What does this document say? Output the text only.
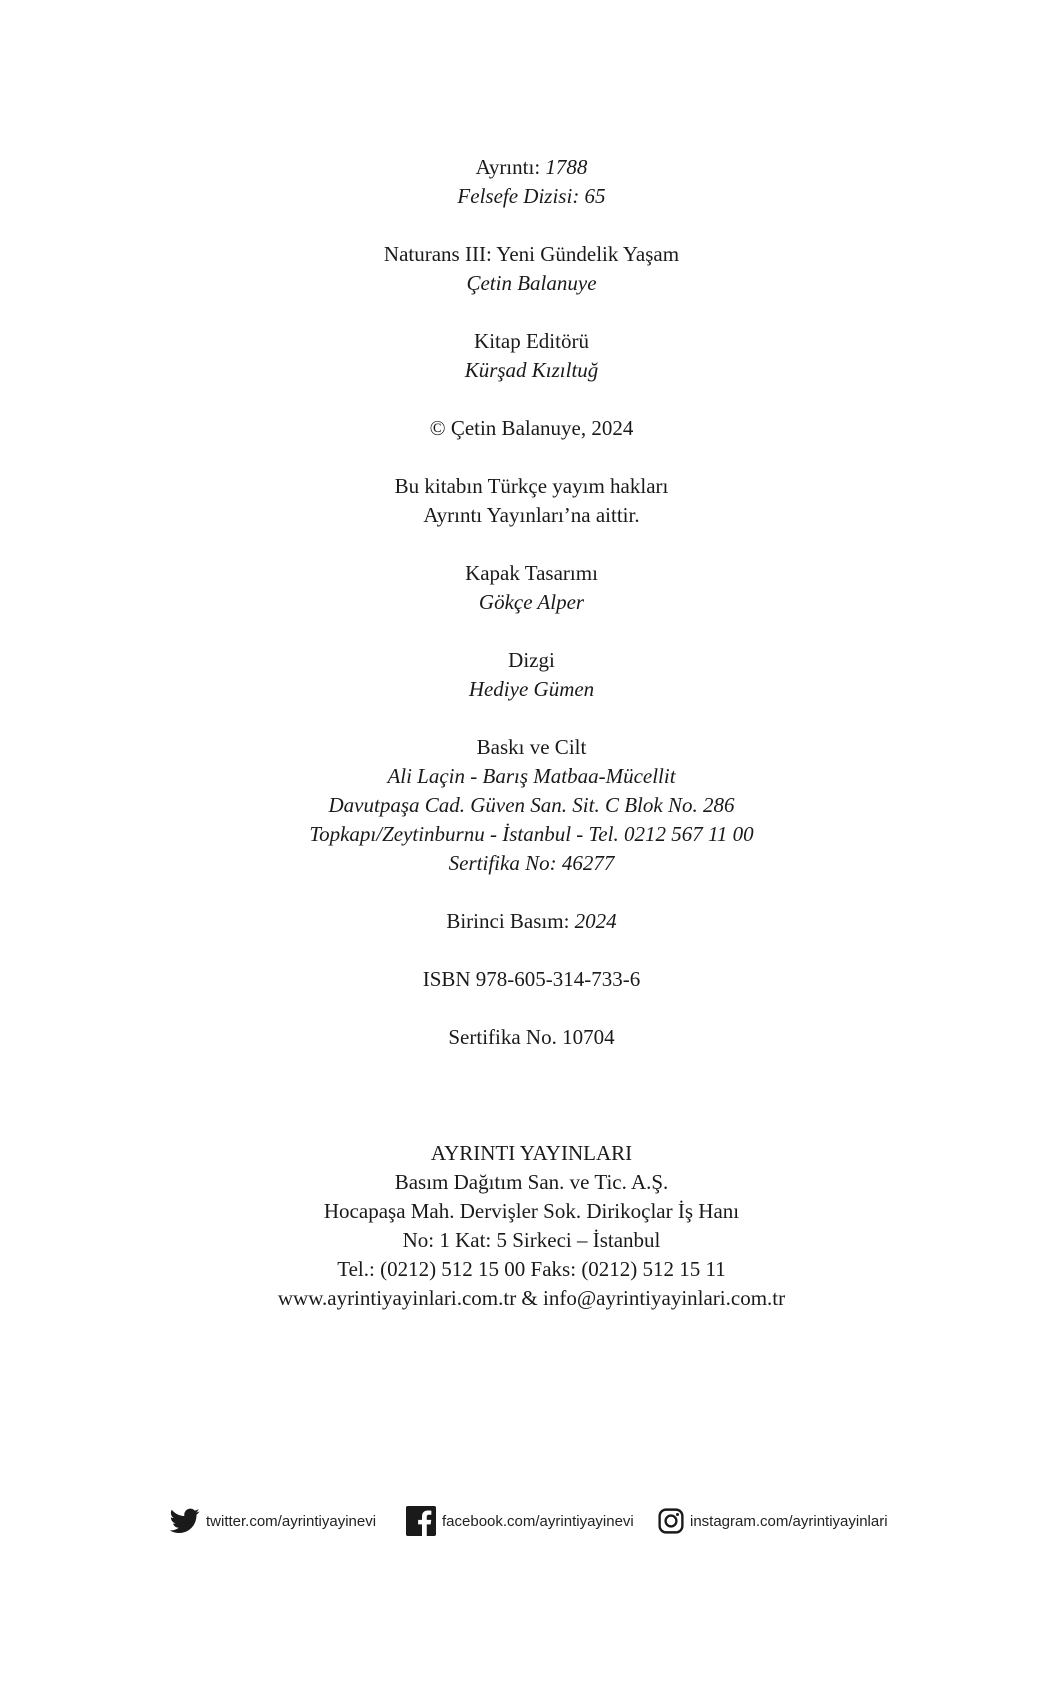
Ayrıntı: 1788
Felsefe Dizisi: 65
Naturans III: Yeni Gündelik Yaşam
Çetin Balanuye
Kitap Editörü
Kürşad Kızıltuğ
© Çetin Balanuye, 2024
Bu kitabın Türkçe yayım hakları
Ayrıntı Yayınları’na aittir.
Kapak Tasarımı
Gökçe Alper
Dizgi
Hediye Gümen
Baskı ve Cilt
Ali Laçin - Barış Matbaa-Mücellit
Davutpaşa Cad. Güven San. Sit. C Blok No. 286
Topkapı/Zeytinburnu - İstanbul - Tel. 0212 567 11 00
Sertifika No: 46277
Birinci Basım: 2024
ISBN 978-605-314-733-6
Sertifika No. 10704
AYRINTI YAYINLARI
Basım Dağıtım San. ve Tic. A.Ş.
Hocapaşa Mah. Dervişler Sok. Dirikoçlar İş Hanı
No: 1 Kat: 5 Sirkeci – İstanbul
Tel.: (0212) 512 15 00 Faks: (0212) 512 15 11
www.ayrintiyayinlari.com.tr & info@ayrintiyayinlari.com.tr
twitter.com/ayrintiyayinevi	facebook.com/ayrintiyayinevi	instagram.com/ayrintiyayinlari
